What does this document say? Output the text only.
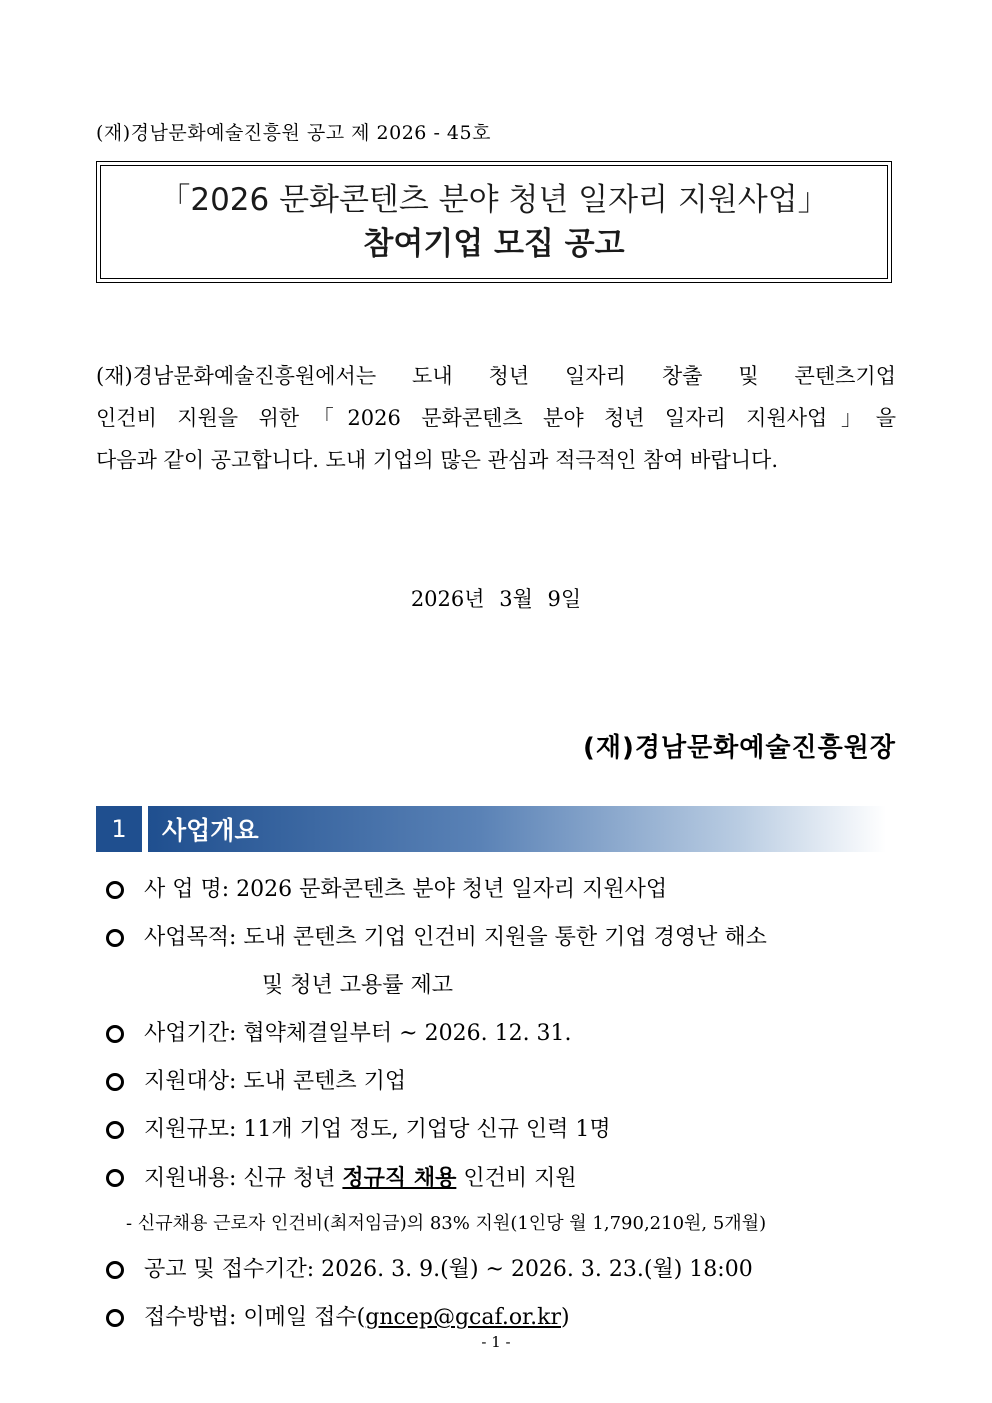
(재)경남문화예술진흥원 공고 제 2026 - 45호
「2026 문화콘텐츠 분야 청년 일자리 지원사업」
참여기업 모집 공고

(재)경남문화예술진흥원에서는 도내 청년 일자리 창출 및 콘텐츠기업

인건비 지원을 위한「2026 문화콘텐츠 분야 청년 일자리 지원사업」을

다음과 같이 공고합니다. 도내 기업의 많은 관심과 적극적인 참여 바랍니다.

2026년 3월 9일
(재)경남문화예술진흥원장
1	사업개요
사 업 명: 2026 문화콘텐츠 분야 청년 일자리 지원사업
사업목적: 도내 콘텐츠 기업 인건비 지원을 통한 기업 경영난 해소
및 청년 고용률 제고
사업기간: 협약체결일부터 ~ 2026. 12. 31.
지원대상: 도내 콘텐츠 기업
지원규모: 11개 기업 정도, 기업당 신규 인력 1명
지원내용: 신규 청년 정규직 채용 인건비 지원
- 신규채용 근로자 인건비(최저임금)의 83% 지원(1인당 월 1,790,210원, 5개월)
공고 및 접수기간: 2026. 3. 9.(월) ~ 2026. 3. 23.(월) 18:00
접수방법: 이메일 접수(gncep@gcaf.or.kr)
- 1 -
